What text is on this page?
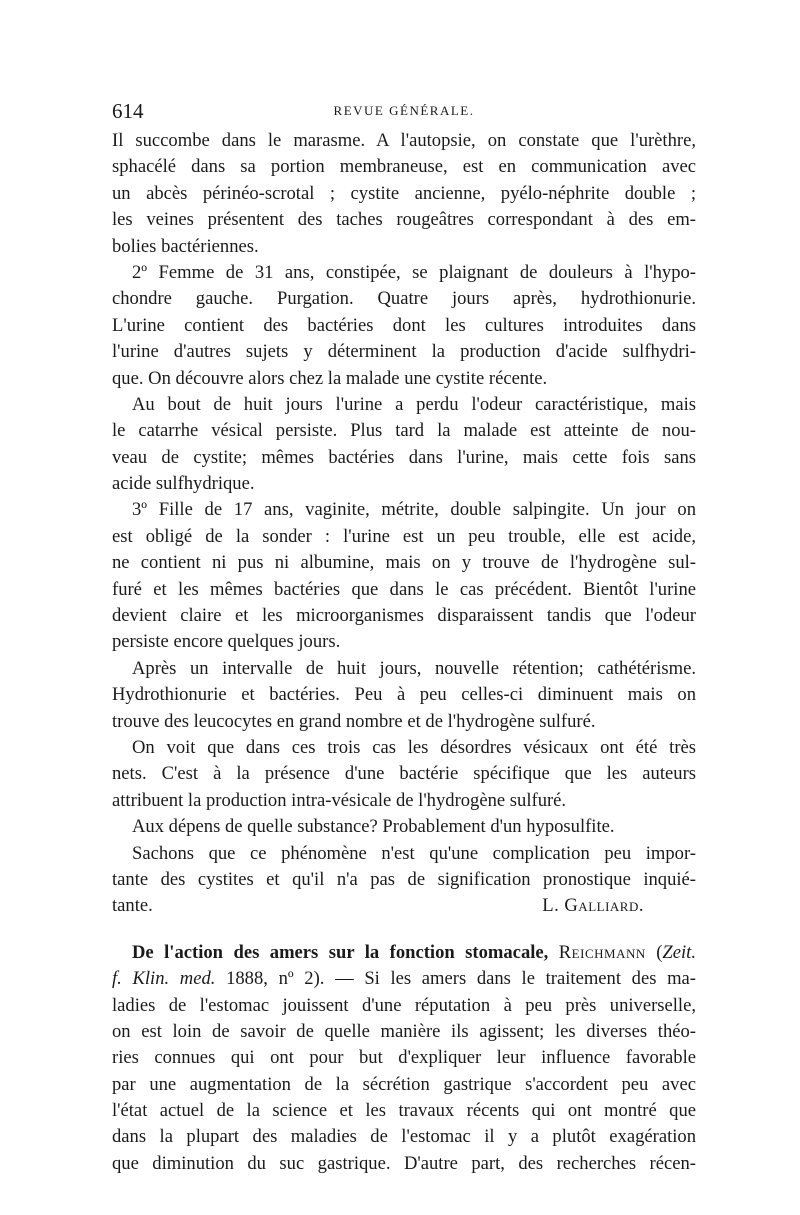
614	REVUE GÉNÉRALE.
Il succombe dans le marasme. A l'autopsie, on constate que l'urèthre,
sphacélé dans sa portion membraneuse, est en communication avec
un abcès périnéo-scrotal ; cystite ancienne, pyélo-néphrite double ;
les veines présentent des taches rougeâtres correspondant à des em-
bolies bactériennes.
2º Femme de 31 ans, constipée, se plaignant de douleurs à l'hypo-
chondre gauche. Purgation. Quatre jours après, hydrothionurie.
L'urine contient des bactéries dont les cultures introduites dans
l'urine d'autres sujets y déterminent la production d'acide sulfhydri-
que. On découvre alors chez la malade une cystite récente.
Au bout de huit jours l'urine a perdu l'odeur caractéristique, mais
le catarrhe vésical persiste. Plus tard la malade est atteinte de nou-
veau de cystite; mêmes bactéries dans l'urine, mais cette fois sans
acide sulfhydrique.
3º Fille de 17 ans, vaginite, métrite, double salpingite. Un jour on
est obligé de la sonder : l'urine est un peu trouble, elle est acide,
ne contient ni pus ni albumine, mais on y trouve de l'hydrogène sul-
furé et les mêmes bactéries que dans le cas précédent. Bientôt l'urine
devient claire et les microorganismes disparaissent tandis que l'odeur
persiste encore quelques jours.
Après un intervalle de huit jours, nouvelle rétention; cathétérisme.
Hydrothionurie et bactéries. Peu à peu celles-ci diminuent mais on
trouve des leucocytes en grand nombre et de l'hydrogène sulfuré.
On voit que dans ces trois cas les désordres vésicaux ont été très
nets. C'est à la présence d'une bactérie spécifique que les auteurs
attribuent la production intra-vésicale de l'hydrogène sulfuré.
Aux dépens de quelle substance? Probablement d'un hyposulfite.
Sachons que ce phénomène n'est qu'une complication peu impor-
tante des cystites et qu'il n'a pas de signification pronostique inquié-
tante.	L. Galliard.
De l'action des amers sur la fonction stomacale, Reichmann (Zeit.
f. Klin. med. 1888, nº 2). — Si les amers dans le traitement des ma-
ladies de l'estomac jouissent d'une réputation à peu près universelle,
on est loin de savoir de quelle manière ils agissent; les diverses théo-
ries connues qui ont pour but d'expliquer leur influence favorable
par une augmentation de la sécrétion gastrique s'accordent peu avec
l'état actuel de la science et les travaux récents qui ont montré que
dans la plupart des maladies de l'estomac il y a plutôt exagération
que diminution du suc gastrique. D'autre part, des recherches récen-
